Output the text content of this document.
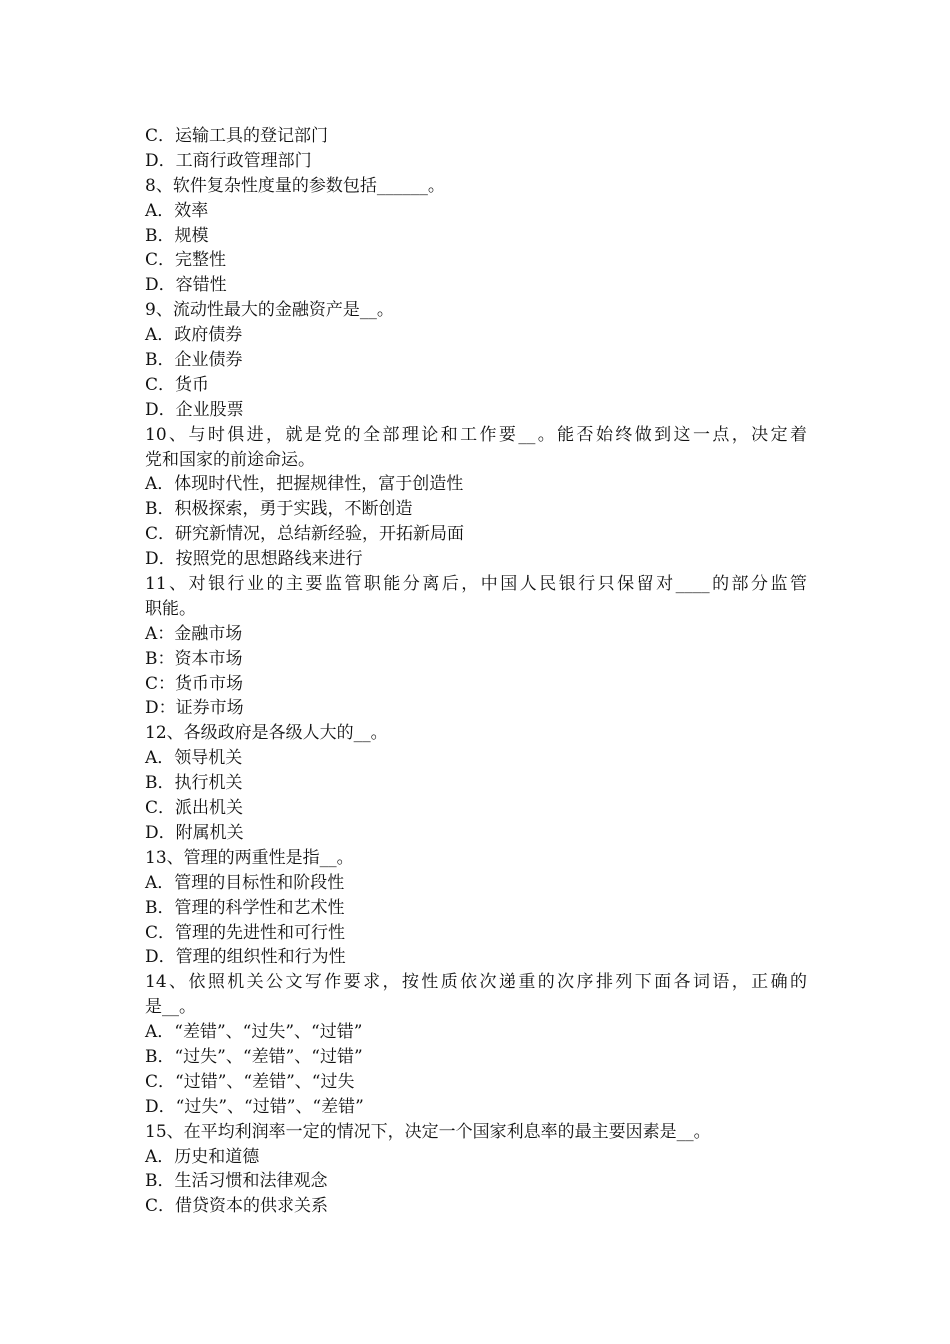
C．运输工具的登记部门
D．工商行政管理部门
8、软件复杂性度量的参数包括______。
A．效率
B．规模
C．完整性
D．容错性
9、流动性最大的金融资产是__。
A．政府债券
B．企业债券
C．货币
D．企业股票
10、与时俱进，就是党的全部理论和工作要__。能否始终做到这一点，决定着
党和国家的前途命运。
A．体现时代性，把握规律性，富于创造性
B．积极探索，勇于实践，不断创造
C．研究新情况，总结新经验，开拓新局面
D．按照党的思想路线来进行
11、对银行业的主要监管职能分离后，中国人民银行只保留对____的部分监管
职能。
A：金融市场
B：资本市场
C：货币市场
D：证券市场
12、各级政府是各级人大的__。
A．领导机关
B．执行机关
C．派出机关
D．附属机关
13、管理的两重性是指__。
A．管理的目标性和阶段性
B．管理的科学性和艺术性
C．管理的先进性和可行性
D．管理的组织性和行为性
14、依照机关公文写作要求，按性质依次递重的次序排列下面各词语，正确的
是__。
A．“差错”、“过失”、“过错”
B．“过失”、“差错”、“过错”
C．“过错”、“差错”、“过失
D．“过失”、“过错”、“差错”
15、在平均利润率一定的情况下，决定一个国家利息率的最主要因素是__。
A．历史和道德
B．生活习惯和法律观念
C．借贷资本的供求关系
